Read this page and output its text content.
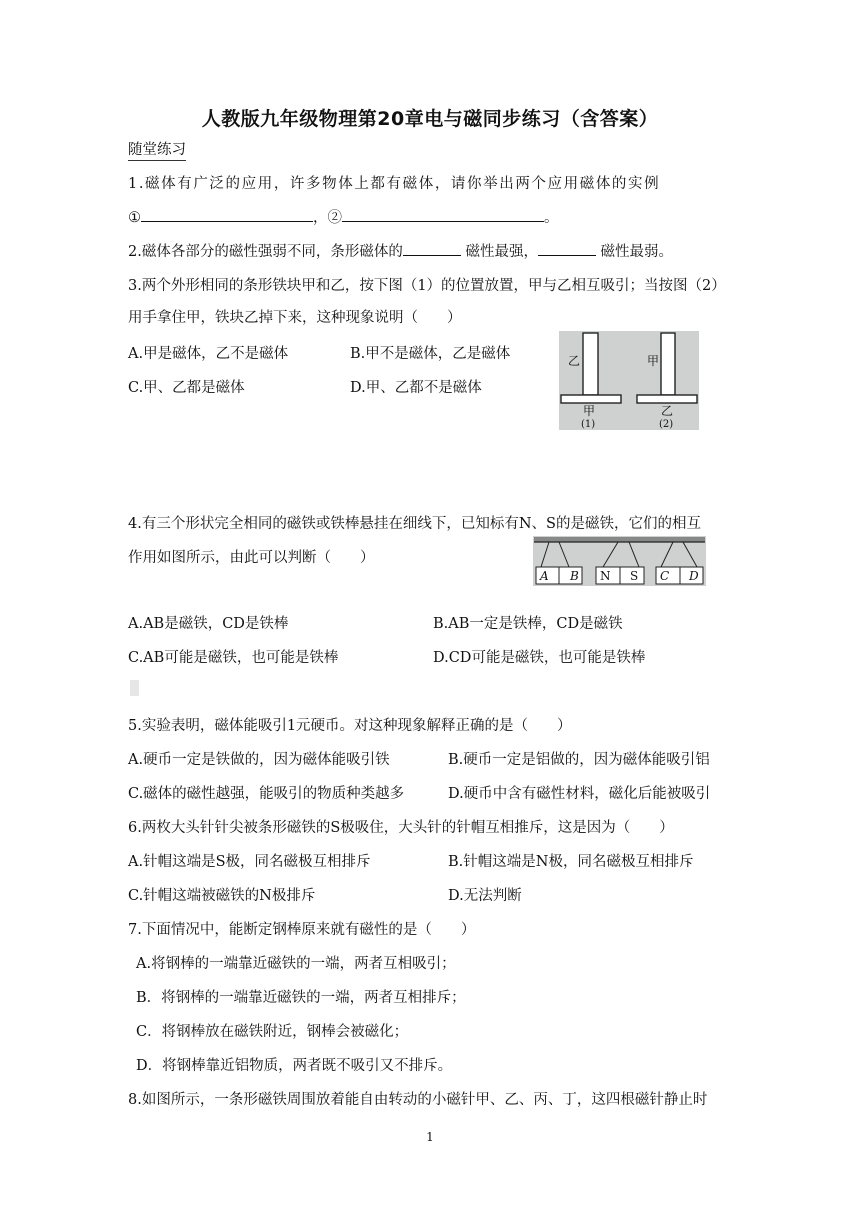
人教版九年级物理第20章电与磁同步练习（含答案）
随堂练习
1.磁体有广泛的应用，许多物体上都有磁体，请你举出两个应用磁体的实例
①	，②	。
2.磁体各部分的磁性强弱不同，条形磁体的	磁性最强，	磁性最弱。
3.两个外形相同的条形铁块甲和乙，按下图（1）的位置放置，甲与乙相互吸引；当按图（2）
用手拿住甲，铁块乙掉下来，这种现象说明（　　）
A.甲是磁体，乙不是磁体	B.甲不是磁体，乙是磁体
C.甲、乙都是磁体	D.甲、乙都不是磁体
乙
甲
(1)
甲
乙
(2)
4.有三个形状完全相同的磁铁或铁棒悬挂在细线下，已知标有N、S的是磁铁，它们的相互
作用如图所示，由此可以判断（　　）
A B N S C D
A.AB是磁铁，CD是铁棒	B.AB一定是铁棒，CD是磁铁
C.AB可能是磁铁，也可能是铁棒	D.CD可能是磁铁，也可能是铁棒
5.实验表明，磁体能吸引1元硬币。对这种现象解释正确的是（　　）
A.硬币一定是铁做的，因为磁体能吸引铁	B.硬币一定是铝做的，因为磁体能吸引铝
C.磁体的磁性越强，能吸引的物质种类越多	D.硬币中含有磁性材料，磁化后能被吸引
6.两枚大头针针尖被条形磁铁的S极吸住，大头针的针帽互相推斥，这是因为（　　）
A.针帽这端是S极，同名磁极互相排斥	B.针帽这端是N极，同名磁极互相排斥
C.针帽这端被磁铁的N极排斥	D.无法判断
7.下面情况中，能断定钢棒原来就有磁性的是（　　）
A.将钢棒的一端靠近磁铁的一端，两者互相吸引；
B．将钢棒的一端靠近磁铁的一端，两者互相排斥；
C．将钢棒放在磁铁附近，钢棒会被磁化；
D．将钢棒靠近铝物质，两者既不吸引又不排斥。
8.如图所示，一条形磁铁周围放着能自由转动的小磁针甲、乙、丙、丁，这四根磁针静止时
1
